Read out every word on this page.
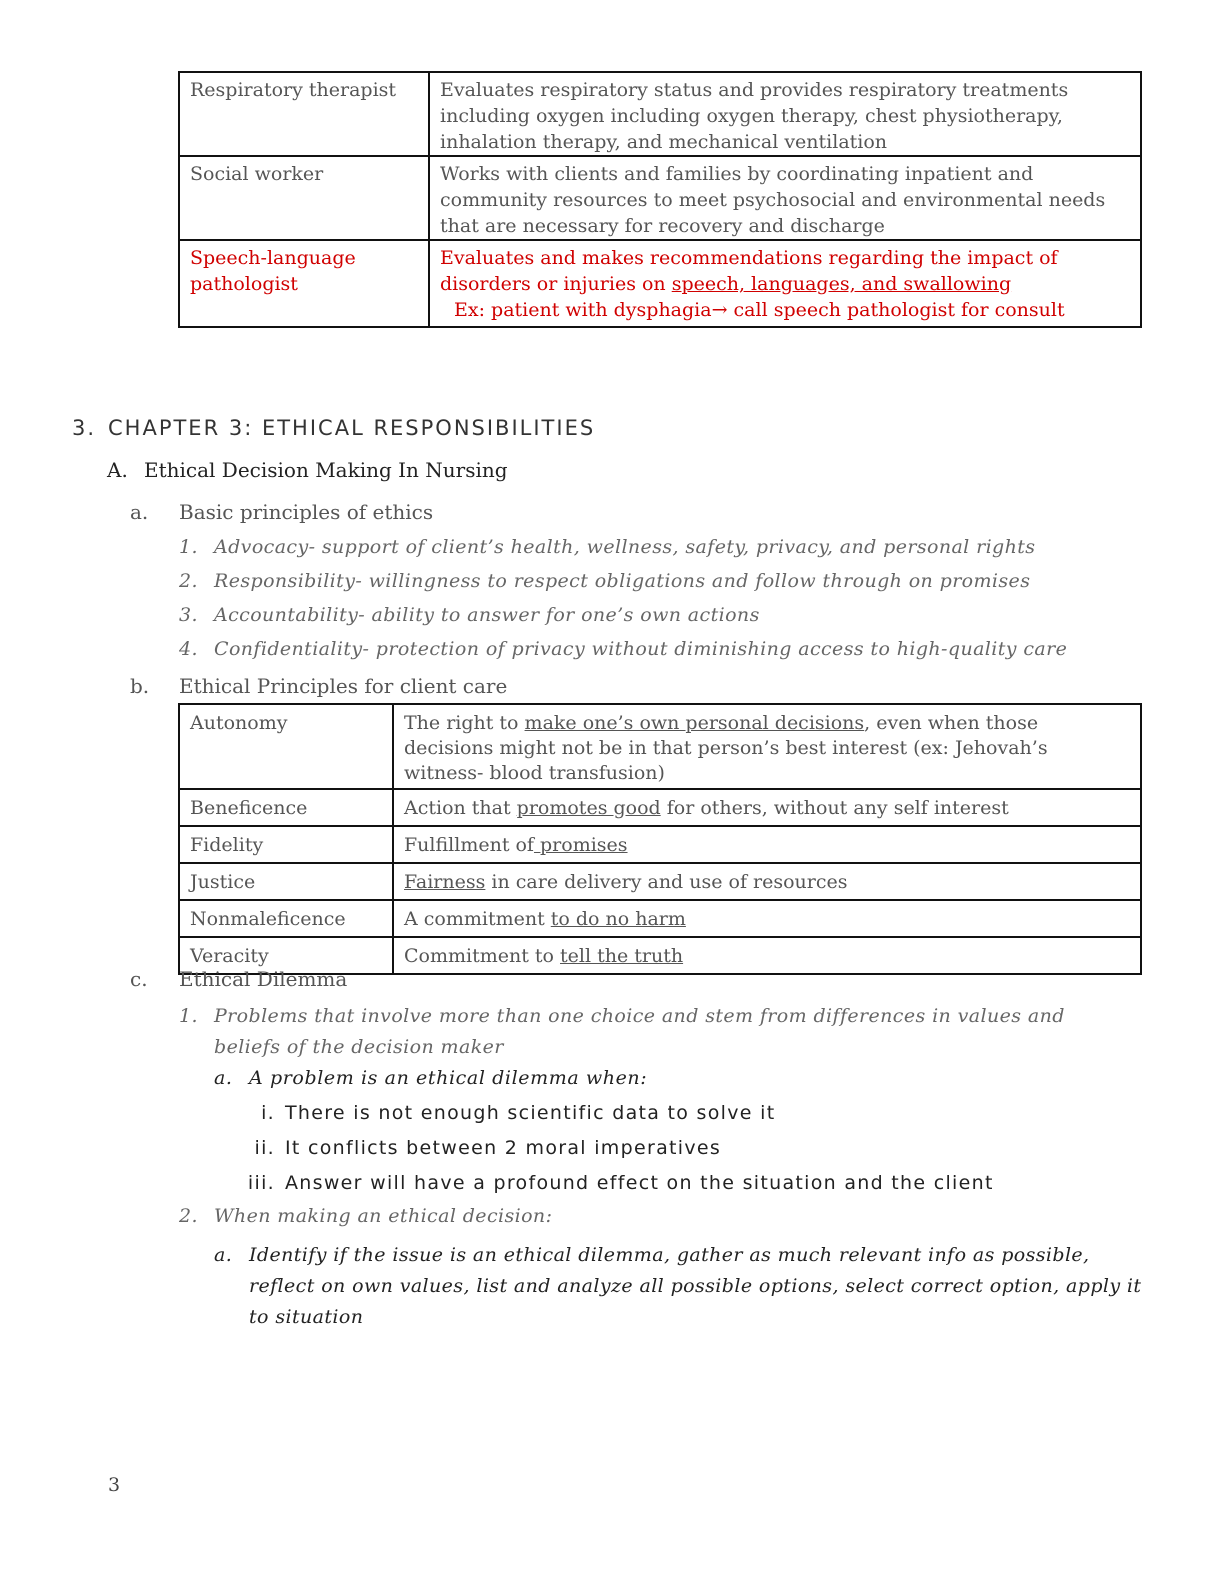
Respiratory therapist	Evaluates respiratory status and provides respiratory treatments including oxygen including oxygen therapy, chest physiotherapy, inhalation therapy, and mechanical ventilation
Social worker	Works with clients and families by coordinating inpatient and community resources to meet psychosocial and environmental needs that are necessary for recovery and discharge
Speech-language pathologist	Evaluates and makes recommendations regarding the impact of disorders or injuries on speech, languages, and swallowing
Ex: patient with dysphagia→ call speech pathologist for consult
3. CHAPTER 3: ETHICAL RESPONSIBILITIES
A. Ethical Decision Making In Nursing
a. Basic principles of ethics
1. Advocacy- support of client’s health, wellness, safety, privacy, and personal rights
2. Responsibility- willingness to respect obligations and follow through on promises
3. Accountability- ability to answer for one’s own actions
4. Confidentiality- protection of privacy without diminishing access to high-quality care
b. Ethical Principles for client care
Autonomy	The right to make one’s own personal decisions, even when those decisions might not be in that person’s best interest (ex: Jehovah’s witness- blood transfusion)
Beneficence	Action that promotes good for others, without any self interest
Fidelity	Fulfillment of promises
Justice	Fairness in care delivery and use of resources
Nonmaleficence	A commitment to do no harm
Veracity	Commitment to tell the truth
c. Ethical Dilemma
1. Problems that involve more than one choice and stem from differences in values and beliefs of the decision maker
a. A problem is an ethical dilemma when:
i. There is not enough scientific data to solve it
ii. It conflicts between 2 moral imperatives
iii. Answer will have a profound effect on the situation and the client
2. When making an ethical decision:
a. Identify if the issue is an ethical dilemma, gather as much relevant info as possible, reflect on own values, list and analyze all possible options, select correct option, apply it to situation
3
